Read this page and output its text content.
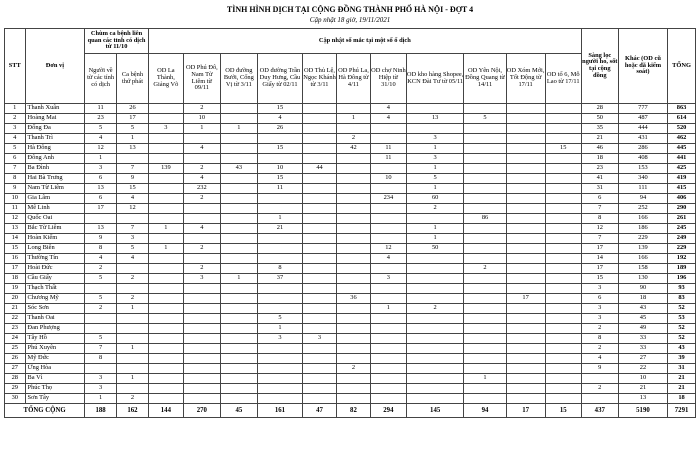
TÌNH HÌNH DỊCH TẠI CỘNG ĐỒNG THÀNH PHỐ HÀ NỘI - ĐỢT 4
Cập nhật 18 giờ, 19/11/2021
STT	Đơn vị	Chùm ca bệnh liên quan các tỉnh có dịch từ 11/10		Cập nhật số mắc tại một số ổ dịch											Sàng lọc người ho, sốt tại cộng đồng	Khác (OD cũ hoặc đã kiểm soát)	TỔNG
		Người về từ các tỉnh có dịch	Ca bệnh thứ phát	OD La Thành, Giảng Võ	OD Phú Đô, Nam Từ Liêm từ 09/11	OD đường Bưởi, Cống Vị từ 3/11	OD đường Trần Duy Hưng, Cầu Giấy từ 02/11	OD Thủ Lệ, Ngọc Khánh từ 3/11	OD Phú La, Hà Đông từ 4/11	OD chợ Ninh Hiệp từ 31/10	OD kho hàng Shopee, KCN Đài Tư từ 05/11	OD Yên Nội, Đồng Quang từ 14/11	OD Xóm Mới, Tốt Động từ 17/11	OD tổ 6, Mỗ Lao từ 17/11			
1	Thanh Xuân	11	26		2		15			4					28	777	863
2	Hoàng Mai	23	17		10		4		1	4	13	5			50	487	614
3	Đống Đa	5	5	3	1	1	26								35	444	520
4	Thanh Trì	4	1						2		3				21	431	462
5	Hà Đông	12	13		4		15		42	11	1			15	46	286	445
6	Đông Anh	1								11	3				18	408	441
7	Ba Đình	3	7	139	2	43	10	44			1				23	153	425
8	Hai Bà Trưng	6	9		4		15			10	5				41	340	419
9	Nam Từ Liêm	13	15		232		11				1				31	111	415
10	Gia Lâm	6	4		2					234	60				6	94	406
11	Mê Linh	17	12								2				7	252	290
12	Quốc Oai						1					86			8	166	261
13	Bắc Từ Liêm	13	7	1	4		21				1				12	186	245
14	Hoàn Kiếm	9	3								1				7	229	249
15	Long Biên	8	5	1	2					12	50				17	139	229
16	Thường Tín	4	4							4					14	166	192
17	Hoài Đức	2			2		8					2			17	158	189
18	Cầu Giấy	5	2		3	1	37			3					15	130	196
19	Thạch Thất														3	90	93
20	Chương Mỹ	5	2						36				17		6	18	83
21	Sóc Sơn	2	1							1	2				3	43	52
22	Thanh Oai						5								3	45	53
23	Đan Phượng						1								2	49	52
24	Tây Hồ	5					3	3							8	33	52
25	Phú Xuyên	7	1												2	33	43
26	Mỹ Đức	8													4	27	39
27	Ứng Hòa								2						9	22	31
28	Ba Vì	3	1									1				10	21
29	Phúc Thọ	3													2	21	21
30	Sơn Tây	1	2													13	18
TỔNG CỘNG		188	162	144	270	45	161	47	82	294	145	94	17	15	437	5190	7291
